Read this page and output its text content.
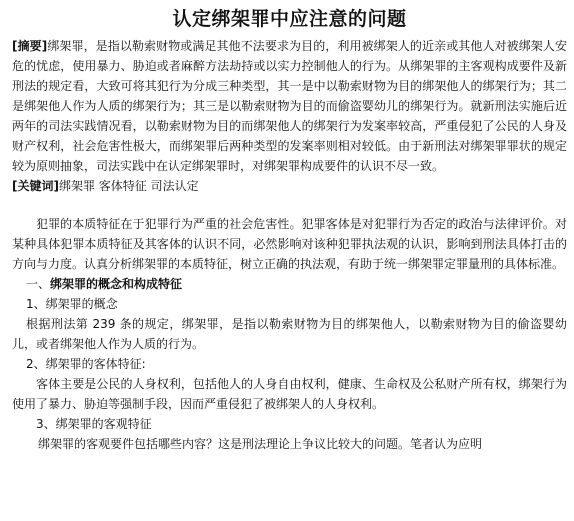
认定绑架罪中应注意的问题

[摘要]绑架罪，是指以勒索财物或满足其他不法要求为目的，利用被绑架人的近亲或其他人对被绑架人安危的忧虑，使用暴力、胁迫或者麻醉方法劫持或以实力控制他人的行为。从绑架罪的主客观构成要件及新刑法的规定看，大致可将其犯行为分成三种类型，其一是中以勒索财物为目的绑架他人的绑架行为；其二是绑架他人作为人质的绑架行为；其三是以勒索财物为目的而偷盗婴幼儿的绑架行为。就新刑法实施后近两年的司法实践情况看，以勒索财物为目的而绑架他人的绑架行为发案率较高，严重侵犯了公民的人身及财产权利，社会危害性极大，而绑架罪后两种类型的发案率则相对较低。由于新刑法对绑架罪罪状的规定较为原则抽象，司法实践中在认定绑架罪时，对绑架罪构成要件的认识不尽一致。

[关键词]绑架罪 客体特征 司法认定

犯罪的本质特征在于犯罪行为严重的社会危害性。犯罪客体是对犯罪行为否定的政治与法律评价。对某种具体犯罪本质特征及其客体的认识不同，必然影响对该种犯罪执法观的认识，影响到刑法具体打击的方向与力度。认真分析绑架罪的本质特征，树立正确的执法观，有助于统一绑架罪定罪量刑的具体标准。

一、绑架罪的概念和构成特征

1、绑架罪的概念

根据刑法第 239 条的规定，绑架罪，是指以勒索财物为目的绑架他人，以勒索财物为目的偷盗婴幼儿，或者绑架他人作为人质的行为。

2、绑架罪的客体特征:

客体主要是公民的人身权利，包括他人的人身自由权利，健康、生命权及公私财产所有权，绑架行为使用了暴力、胁迫等强制手段，因而严重侵犯了被绑架人的人身权利。

3、绑架罪的客观特征

绑架罪的客观要件包括哪些内容？这是刑法理论上争议比较大的问题。笔者认为应明
